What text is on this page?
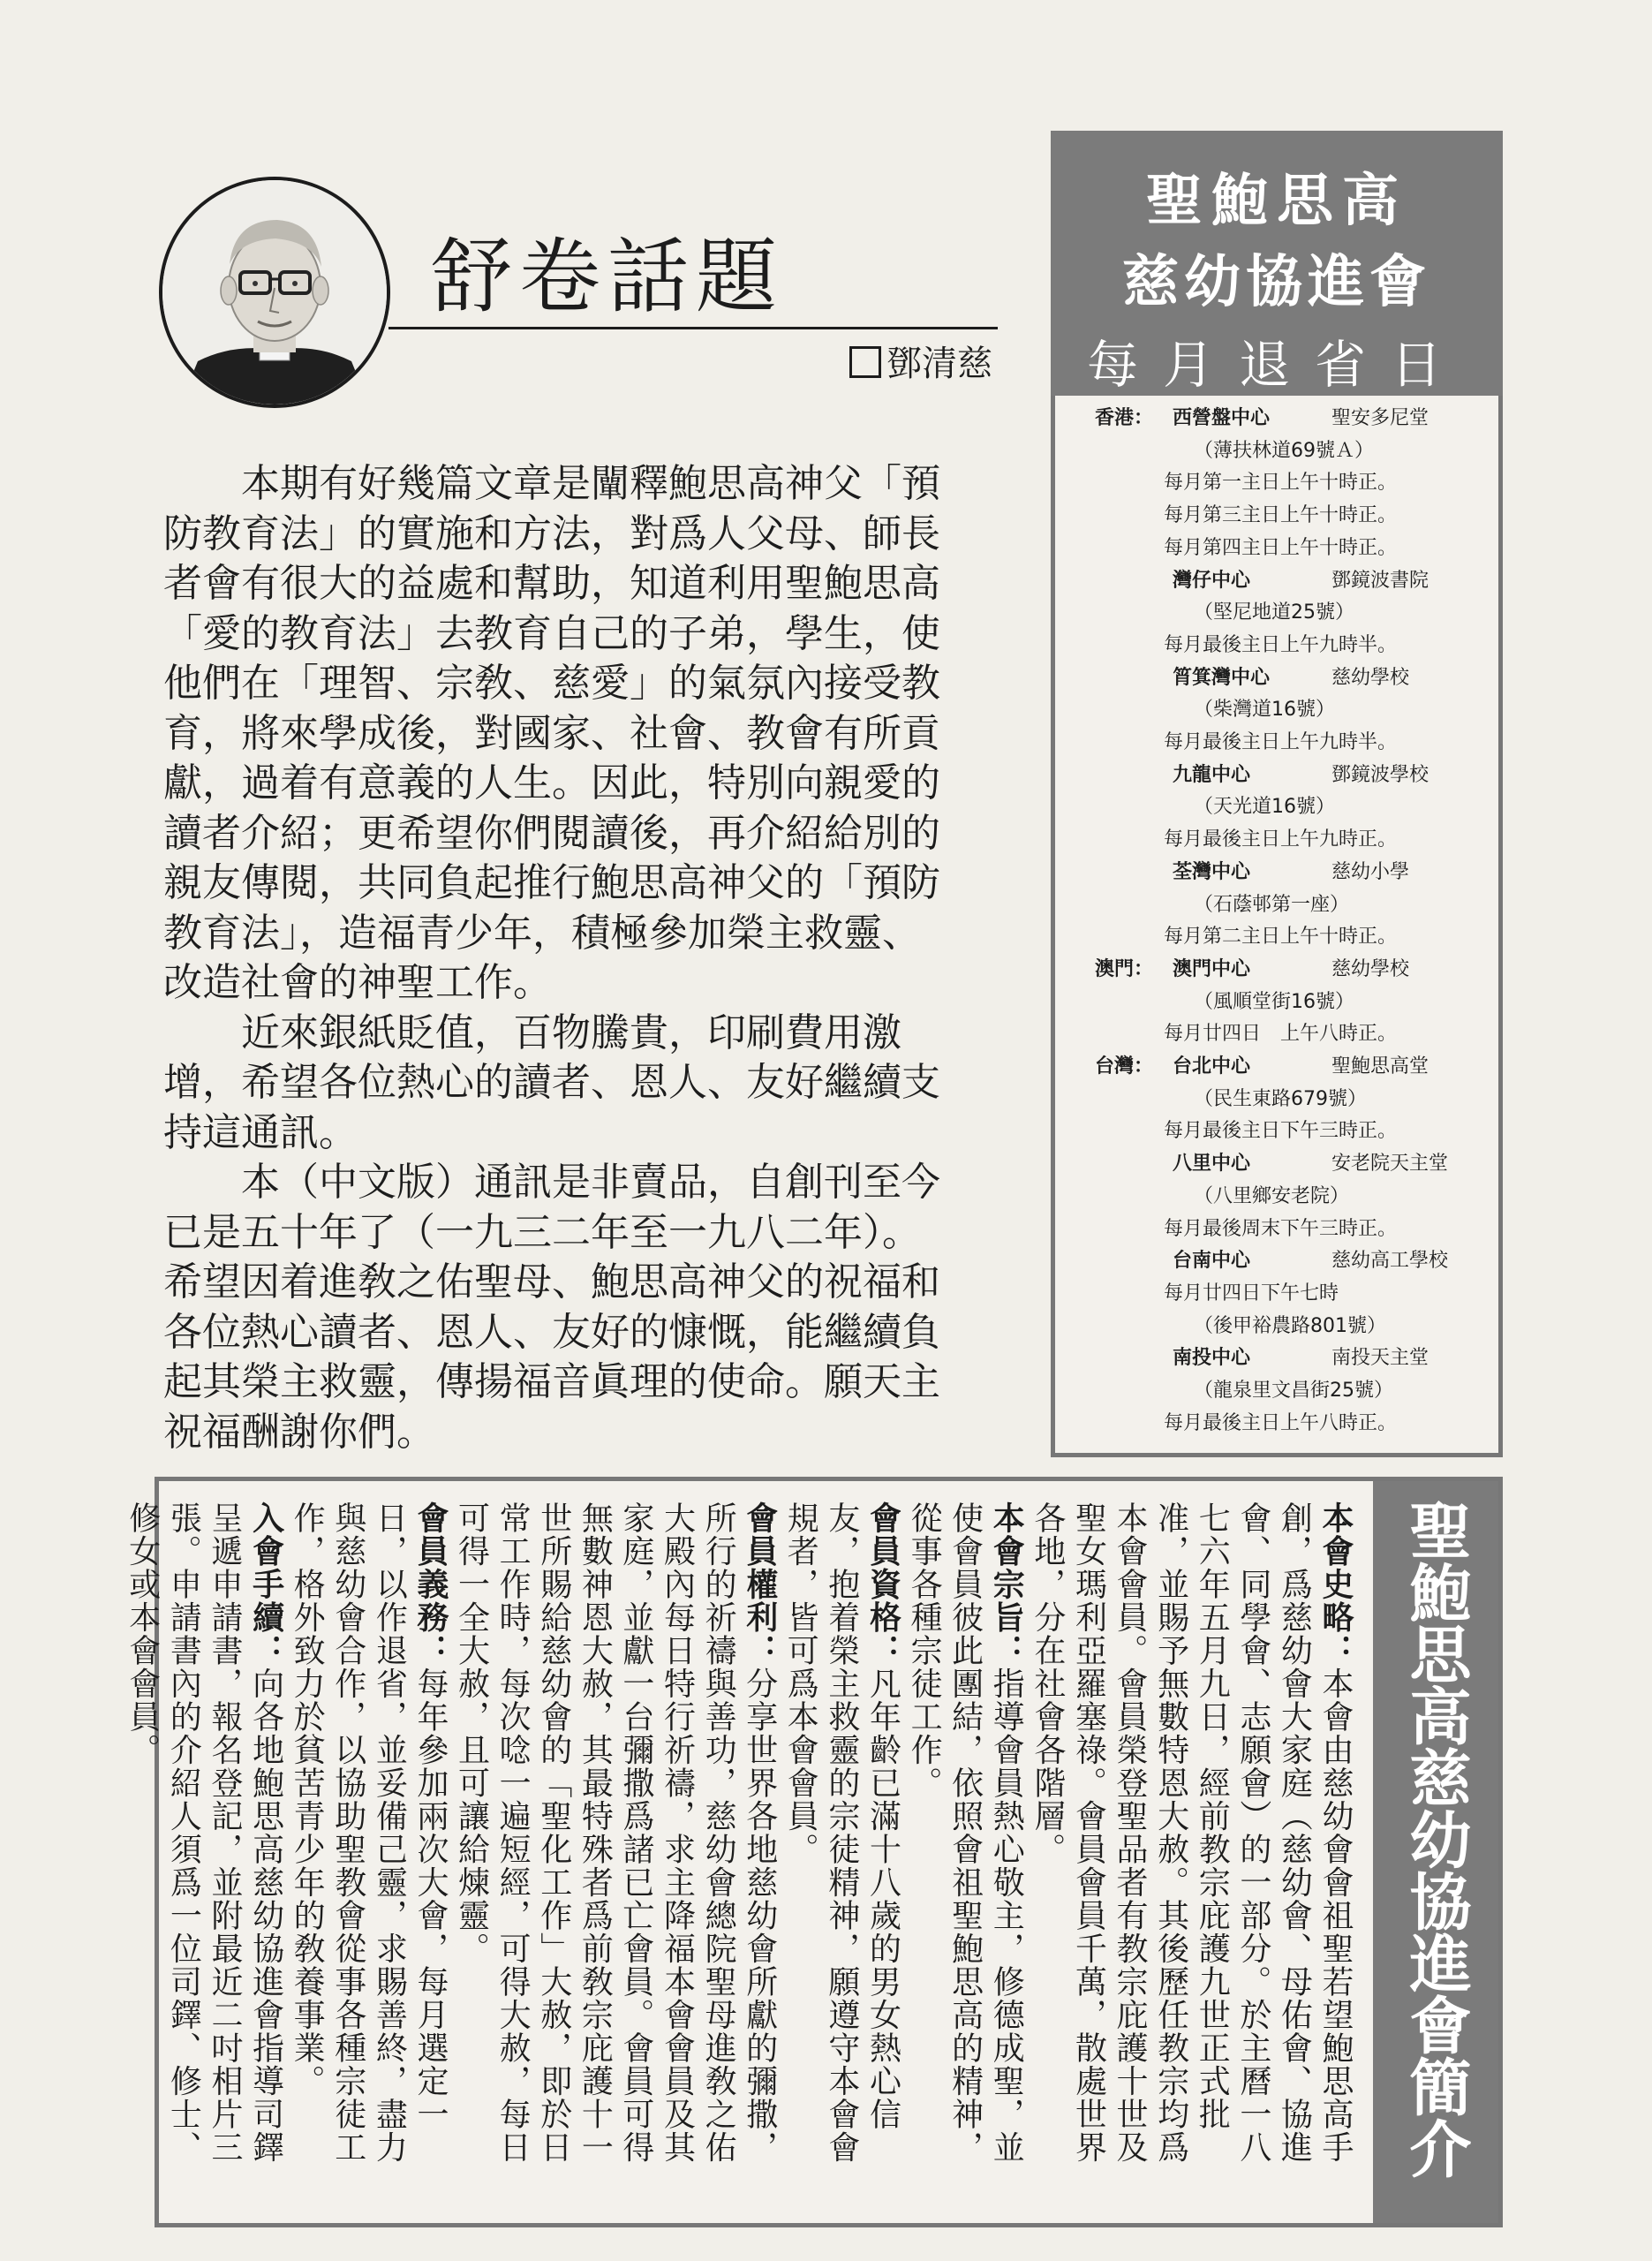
舒卷話題
鄧清慈

本期有好幾篇文章是闡釋鮑思高神父「預防教育法」的實施和方法，對爲人父母、師長者會有很大的益處和幫助，知道利用聖鮑思高「愛的教育法」去教育自己的子弟，學生，使他們在「理智、宗敎、慈愛」的氣氛內接受教育，將來學成後，對國家、社會、教會有所貢獻，過着有意義的人生。因此，特別向親愛的讀者介紹；更希望你們閱讀後，再介紹給別的親友傳閱，共同負起推行鮑思高神父的「預防教育法」，造福青少年，積極參加榮主救靈、改造社會的神聖工作。

近來銀紙貶值，百物騰貴，印刷費用激增，希望各位熱心的讀者、恩人、友好繼續支持這通訊。

本（中文版）通訊是非賣品，自創刊至今已是五十年了（一九三二年至一九八二年）。希望因着進敎之佑聖母、鮑思高神父的祝福和各位熱心讀者、恩人、友好的慷慨，能繼續負起其榮主救靈，傳揚福音眞理的使命。願天主祝福酬謝你們。

聖鮑思高
慈幼協進會
每月退省日
香港： 西營盤中心	聖安多尼堂
（薄扶林道69號Ａ）
每月第一主日上午十時正。
每月第三主日上午十時正。
每月第四主日上午十時正。
灣仔中心	鄧鏡波書院
（堅尼地道25號）
每月最後主日上午九時半。
筲箕灣中心	慈幼學校
（柴灣道16號）
每月最後主日上午九時半。
九龍中心	鄧鏡波學校
（天光道16號）
每月最後主日上午九時正。
荃灣中心	慈幼小學
（石蔭邨第一座）
每月第二主日上午十時正。
澳門： 澳門中心	慈幼學校
（風順堂街16號）
每月廿四日　上午八時正。
台灣： 台北中心	聖鮑思高堂
（民生東路679號）
每月最後主日下午三時正。
八里中心	安老院天主堂
（八里鄉安老院）
每月最後周末下午三時正。
台南中心	慈幼高工學校
每月廿四日下午七時
（後甲裕農路801號）
南投中心	南投天主堂
（龍泉里文昌街25號）
每月最後主日上午八時正。
聖鮑思高慈幼協進會簡介

本會史略：本會由慈幼會會祖聖若望鮑思高手創，爲慈幼會大家庭（慈幼會、母佑會、協進會、同學會、志願會）的一部分。於主曆一八七六年五月九日，經前教宗庇護九世正式批准，並賜予無數特恩大赦。其後歷任教宗均爲本會會員。會員榮登聖品者有教宗庇護十世及聖女瑪利亞羅塞祿。會員會員千萬，散處世界各地，分在社會各階層。

本會宗旨：指導會員熱心敬主，修德成聖，並使會員彼此團結，依照會祖聖鮑思高的精神，從事各種宗徒工作。

會員資格：凡年齡已滿十八歲的男女熱心信友，抱着榮主救靈的宗徒精神，願遵守本會會規者，皆可爲本會會員。

會員權利：分享世界各地慈幼會所獻的彌撒，所行的祈禱與善功，慈幼會總院聖母進敎之佑大殿內每日特行祈禱，求主降福本會會員及其家庭，並獻一台彌撒爲諸已亡會員。會員可得無數神恩大赦，其最特殊者爲前敎宗庇護十一世所賜給慈幼會的「聖化工作」大赦，即於日常工作時，每次唸一遍短經，可得大赦，每日可得一全大赦，且可讓給煉靈。

會員義務：每年參加兩次大會，每月選定一日，以作退省，並妥備己靈，求賜善終，盡力與慈幼會合作，以協助聖教會從事各種宗徒工作，格外致力於貧苦青少年的敎養事業。

入會手續：向各地鮑思高慈幼協進會指導司鐸呈遞申請書，報名登記，並附最近二吋相片三張。申請書內的介紹人須爲一位司鐸、修士、修女或本會會員。
